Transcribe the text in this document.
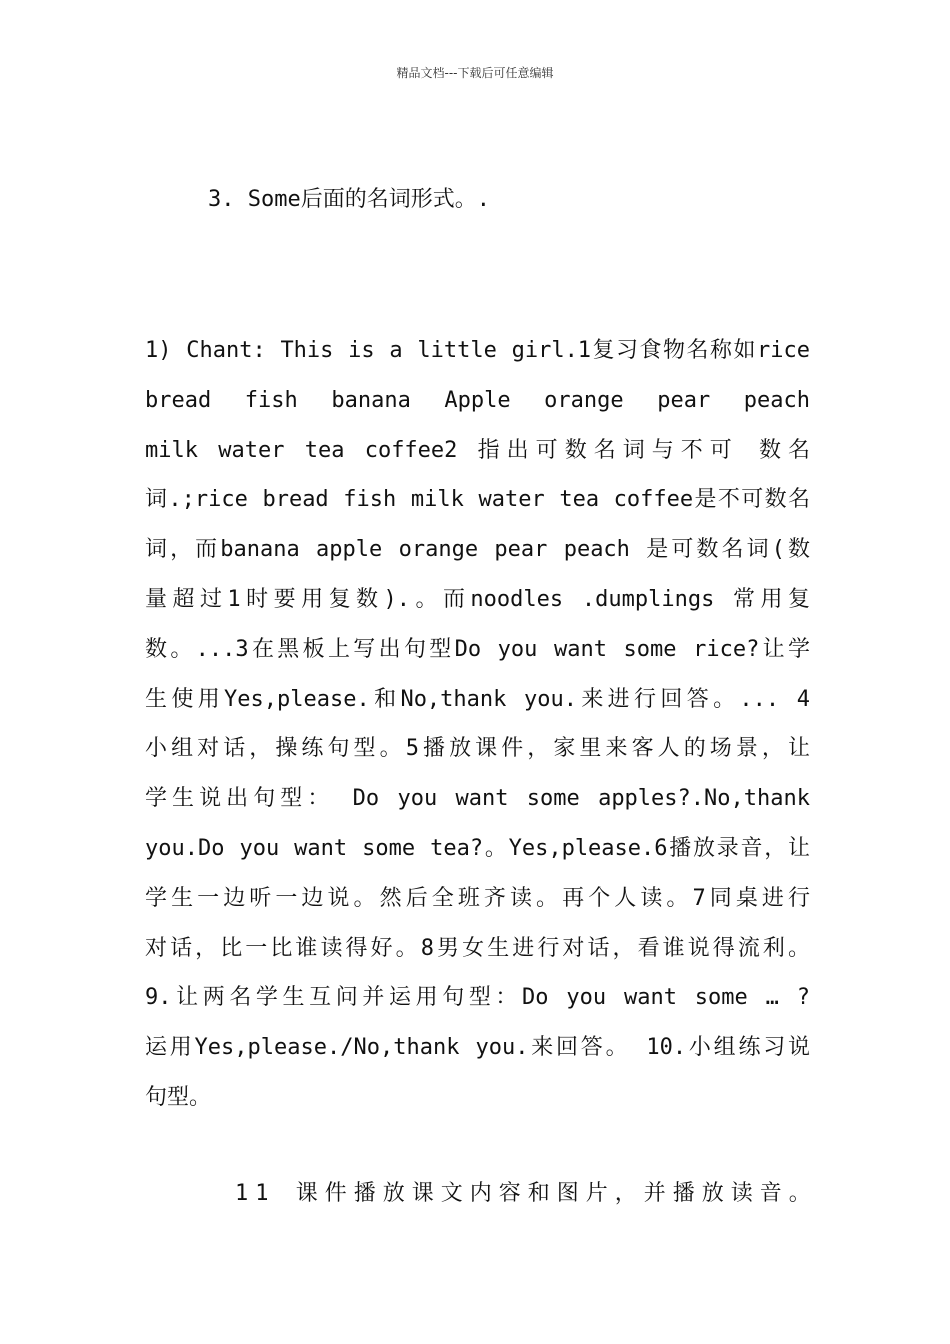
精品文档---下载后可任意编辑
3. Some后面的名词形式。.
1) Chant: This is a little girl.1复习食物名称如rice
bread fish banana Apple orange pear peach
milk water tea coffee2 指出可数名词与不可 数名
词.;rice bread fish milk water tea coffee是不可数名
词，而banana apple orange pear peach 是可数名词(数
量超过1时要用复数).。而noodles .dumplings 常用复
数。...3在黑板上写出句型Do you want some rice?让学
生使用Yes,please.和No,thank you.来进行回答。... 4
小组对话，操练句型。5播放课件，家里来客人的场景，让
学生说出句型： Do you want some apples?.No,thank
you.Do you want some tea?。Yes,please.6播放录音，让
学生一边听一边说。然后全班齐读。再个人读。7同桌进行
对话，比一比谁读得好。8男女生进行对话，看谁说得流利。
9.让两名学生互问并运用句型：Do you want some … ?
运用Yes,please./No,thank you.来回答。 10.小组练习说
句型。
11 课件播放课文内容和图片，并播放读音。
